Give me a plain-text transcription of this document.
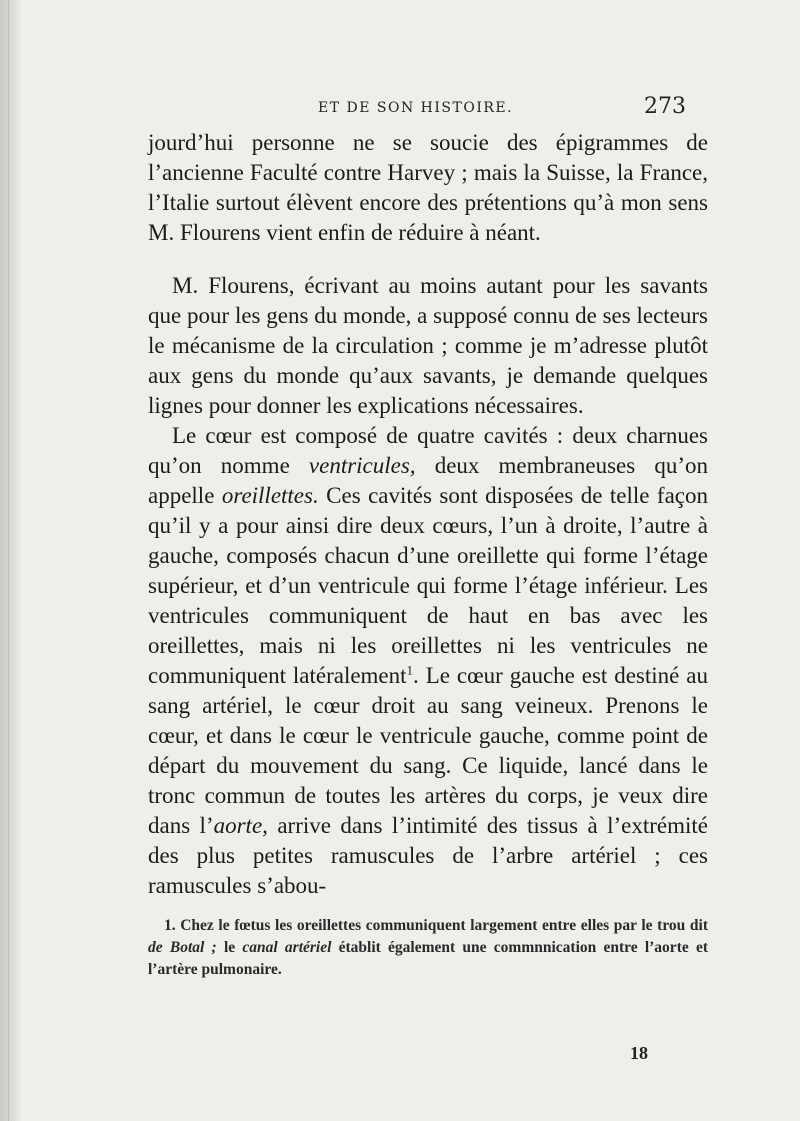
ET DE SON HISTOIRE.	273

jourd’hui personne ne se soucie des épigrammes de l’ancienne Faculté contre Harvey ; mais la Suisse, la France, l’Italie surtout élèvent encore des prétentions qu’à mon sens M. Flourens vient enfin de réduire à néant.

M. Flourens, écrivant au moins autant pour les savants que pour les gens du monde, a supposé connu de ses lecteurs le mécanisme de la circulation ; comme je m’adresse plutôt aux gens du monde qu’aux savants, je demande quelques lignes pour donner les explications nécessaires.

Le cœur est composé de quatre cavités : deux charnues qu’on nomme ventricules, deux membraneuses qu’on appelle oreillettes. Ces cavités sont disposées de telle façon qu’il y a pour ainsi dire deux cœurs, l’un à droite, l’autre à gauche, composés chacun d’une oreillette qui forme l’étage supérieur, et d’un ventricule qui forme l’étage inférieur. Les ventricules communiquent de haut en bas avec les oreillettes, mais ni les oreillettes ni les ventricules ne communiquent latéralement$^1$. Le cœur gauche est destiné au sang artériel, le cœur droit au sang veineux. Prenons le cœur, et dans le cœur le ventricule gauche, comme point de départ du mouvement du sang. Ce liquide, lancé dans le tronc commun de toutes les artères du corps, je veux dire dans l’aorte, arrive dans l’intimité des tissus à l’extrémité des plus petites ramuscules de l’arbre artériel ; ces ramuscules s’abou-

1. Chez le fœtus les oreillettes communiquent largement entre elles par le trou dit de Botal ; le canal artériel établit également une commnnication entre l’aorte et l’artère pulmonaire.
18
